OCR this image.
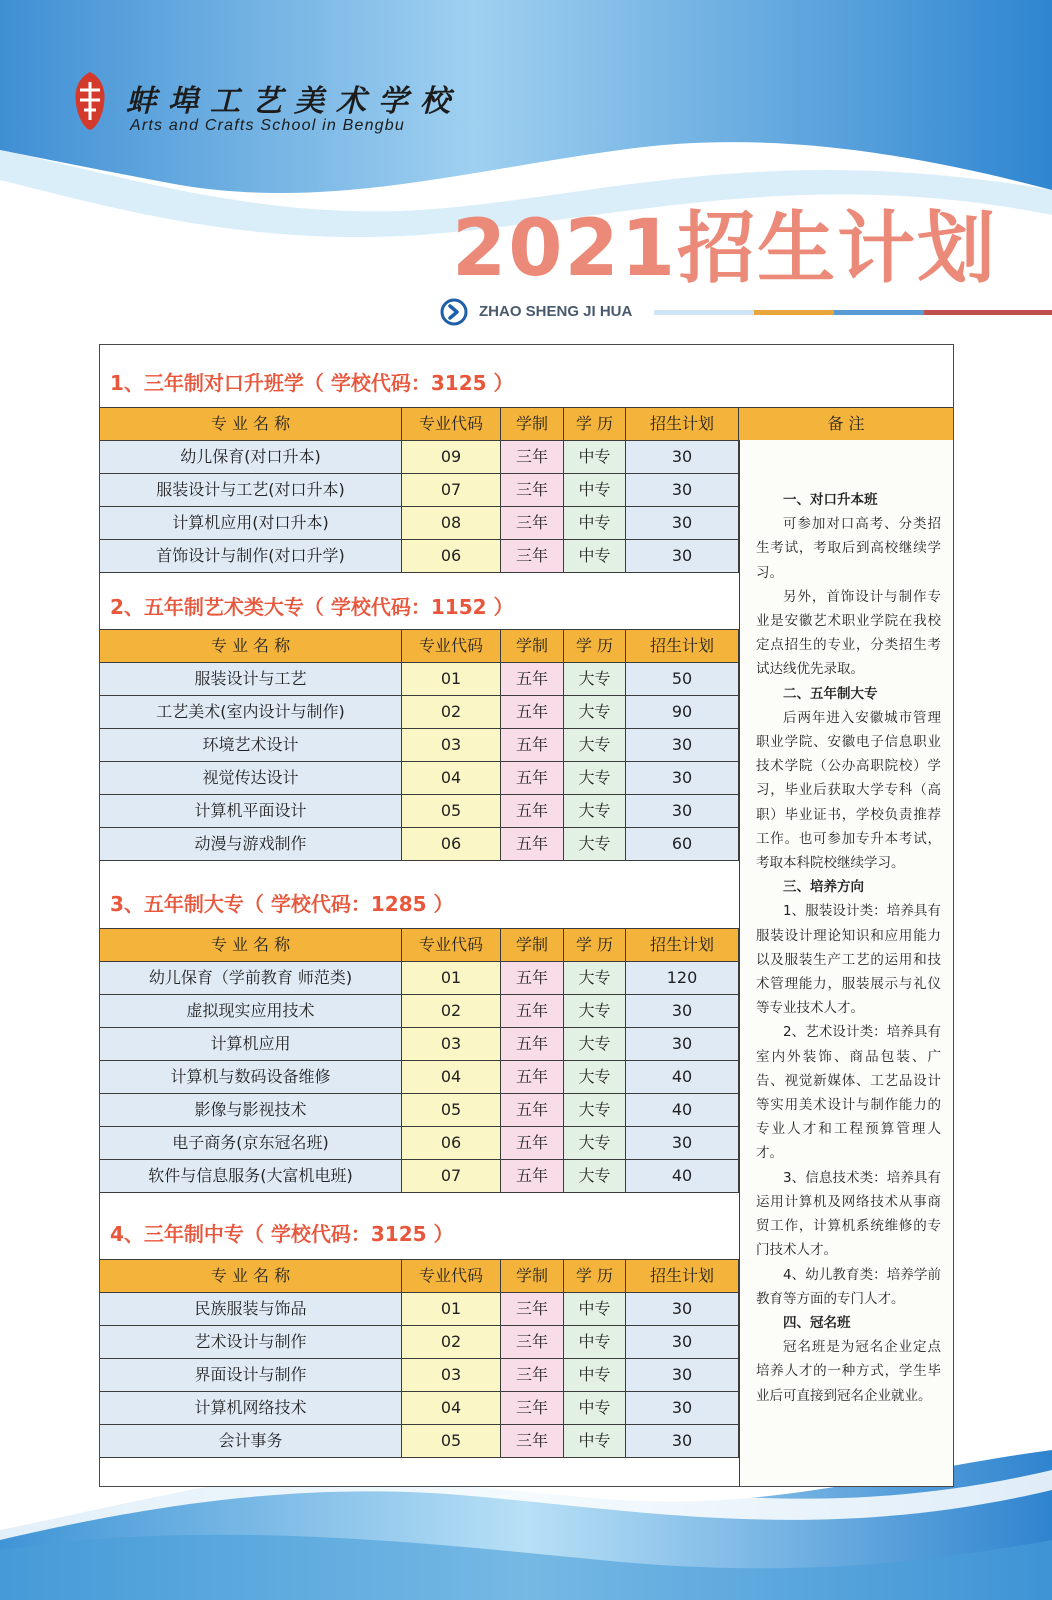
蚌埠工艺美术学校
Arts and Crafts School in Bengbu
2021招生计划
ZHAO SHENG JI HUA
1、三年制对口升班学（ 学校代码：3125 ）
专 业 名 称	专业代码	学制	学 历	招生计划	备 注
幼儿保育(对口升本)	09	三年	中专	30
服装设计与工艺(对口升本)	07	三年	中专	30
计算机应用(对口升本)	08	三年	中专	30
首饰设计与制作(对口升学)	06	三年	中专	30
2、五年制艺术类大专（ 学校代码：1152 ）
专 业 名 称	专业代码	学制	学 历	招生计划
服装设计与工艺	01	五年	大专	50
工艺美术(室内设计与制作)	02	五年	大专	90
环境艺术设计	03	五年	大专	30
视觉传达设计	04	五年	大专	30
计算机平面设计	05	五年	大专	30
动漫与游戏制作	06	五年	大专	60
3、五年制大专（ 学校代码：1285 ）
专 业 名 称	专业代码	学制	学 历	招生计划
幼儿保育（学前教育 师范类)	01	五年	大专	120
虚拟现实应用技术	02	五年	大专	30
计算机应用	03	五年	大专	30
计算机与数码设备维修	04	五年	大专	40
影像与影视技术	05	五年	大专	40
电子商务(京东冠名班)	06	五年	大专	30
软件与信息服务(大富机电班)	07	五年	大专	40
4、三年制中专（ 学校代码：3125 ）
专 业 名 称	专业代码	学制	学 历	招生计划
民族服装与饰品	01	三年	中专	30
艺术设计与制作	02	三年	中专	30
界面设计与制作	03	三年	中专	30
计算机网络技术	04	三年	中专	30
会计事务	05	三年	中专	30

一、对口升本班

可参加对口高考、分类招生考试，考取后到高校继续学习。

另外，首饰设计与制作专业是安徽艺术职业学院在我校定点招生的专业，分类招生考试达线优先录取。

二、五年制大专

后两年进入安徽城市管理职业学院、安徽电子信息职业技术学院（公办高职院校）学习，毕业后获取大学专科（高职）毕业证书，学校负责推荐工作。也可参加专升本考试，考取本科院校继续学习。

三、培养方向

1、服装设计类：培养具有服装设计理论知识和应用能力以及服装生产工艺的运用和技术管理能力，服装展示与礼仪等专业技术人才。

2、艺术设计类：培养具有室内外装饰、商品包装、广告、视觉新媒体、工艺品设计等实用美术设计与制作能力的专业人才和工程预算管理人才。

3、信息技术类：培养具有运用计算机及网络技术从事商贸工作，计算机系统维修的专门技术人才。

4、幼儿教育类：培养学前教育等方面的专门人才。

四、冠名班

冠名班是为冠名企业定点培养人才的一种方式，学生毕业后可直接到冠名企业就业。
